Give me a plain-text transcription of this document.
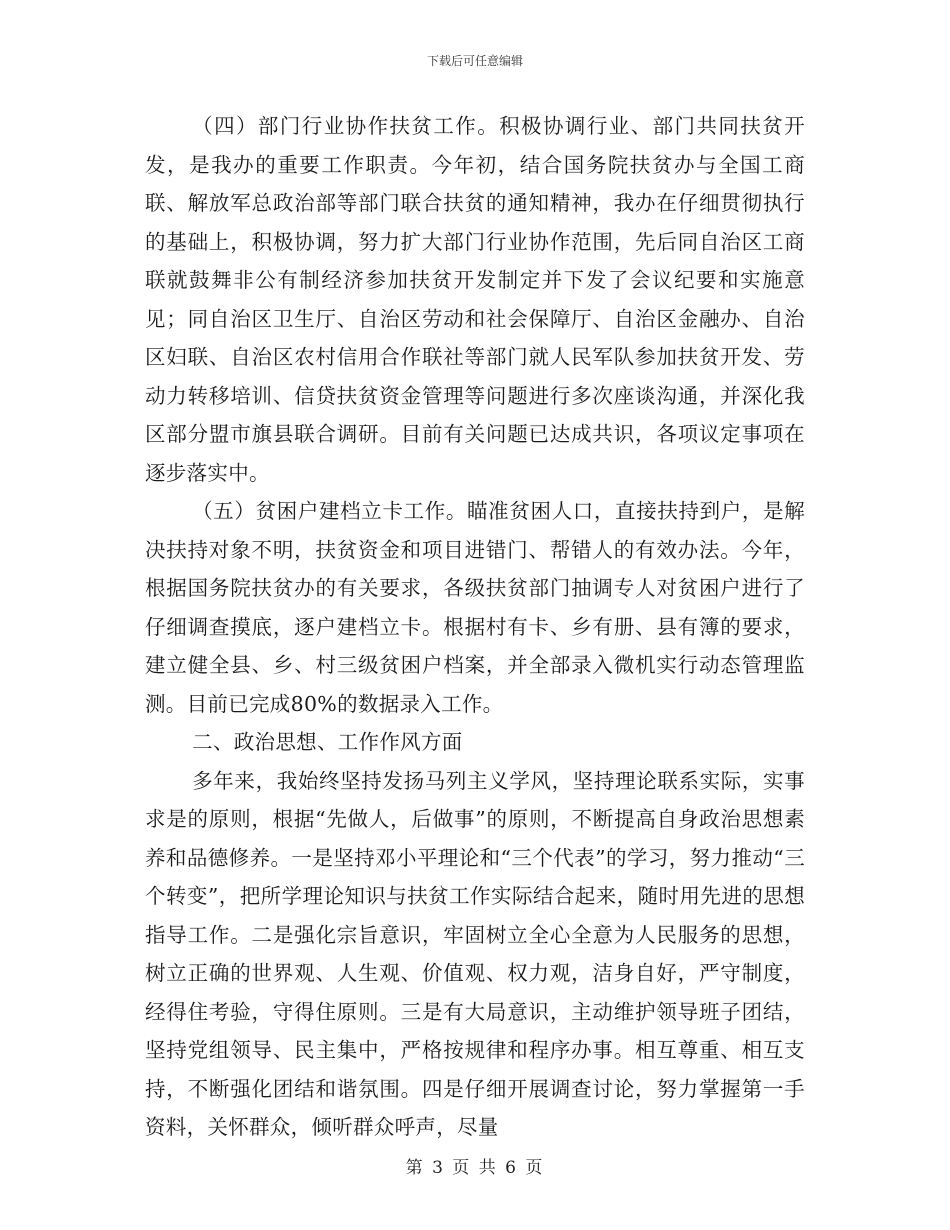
下载后可任意编辑

（四）部门行业协作扶贫工作。积极协调行业、部门共同扶贫开发，是我办的重要工作职责。今年初，结合国务院扶贫办与全国工商联、解放军总政治部等部门联合扶贫的通知精神，我办在仔细贯彻执行的基础上，积极协调，努力扩大部门行业协作范围，先后同自治区工商联就鼓舞非公有制经济参加扶贫开发制定并下发了会议纪要和实施意见；同自治区卫生厅、自治区劳动和社会保障厅、自治区金融办、自治区妇联、自治区农村信用合作联社等部门就人民军队参加扶贫开发、劳动力转移培训、信贷扶贫资金管理等问题进行多次座谈沟通，并深化我区部分盟市旗县联合调研。目前有关问题已达成共识，各项议定事项在逐步落实中。

（五）贫困户建档立卡工作。瞄准贫困人口，直接扶持到户，是解决扶持对象不明，扶贫资金和项目进错门、帮错人的有效办法。今年，根据国务院扶贫办的有关要求，各级扶贫部门抽调专人对贫困户进行了仔细调查摸底，逐户建档立卡。根据村有卡、乡有册、县有簿的要求，建立健全县、乡、村三级贫困户档案，并全部录入微机实行动态管理监测。目前已完成80%的数据录入工作。

二、政治思想、工作作风方面

多年来，我始终坚持发扬马列主义学风，坚持理论联系实际，实事求是的原则，根据“先做人，后做事”的原则，不断提高自身政治思想素养和品德修养。一是坚持邓小平理论和“三个代表”的学习，努力推动“三个转变”，把所学理论知识与扶贫工作实际结合起来，随时用先进的思想指导工作。二是强化宗旨意识，牢固树立全心全意为人民服务的思想，树立正确的世界观、人生观、价值观、权力观，洁身自好，严守制度，经得住考验，守得住原则。三是有大局意识，主动维护领导班子团结，坚持党组领导、民主集中，严格按规律和程序办事。相互尊重、相互支持，不断强化团结和谐氛围。四是仔细开展调查讨论，努力掌握第一手资料，关怀群众，倾听群众呼声，尽量

第 3 页 共 6 页
